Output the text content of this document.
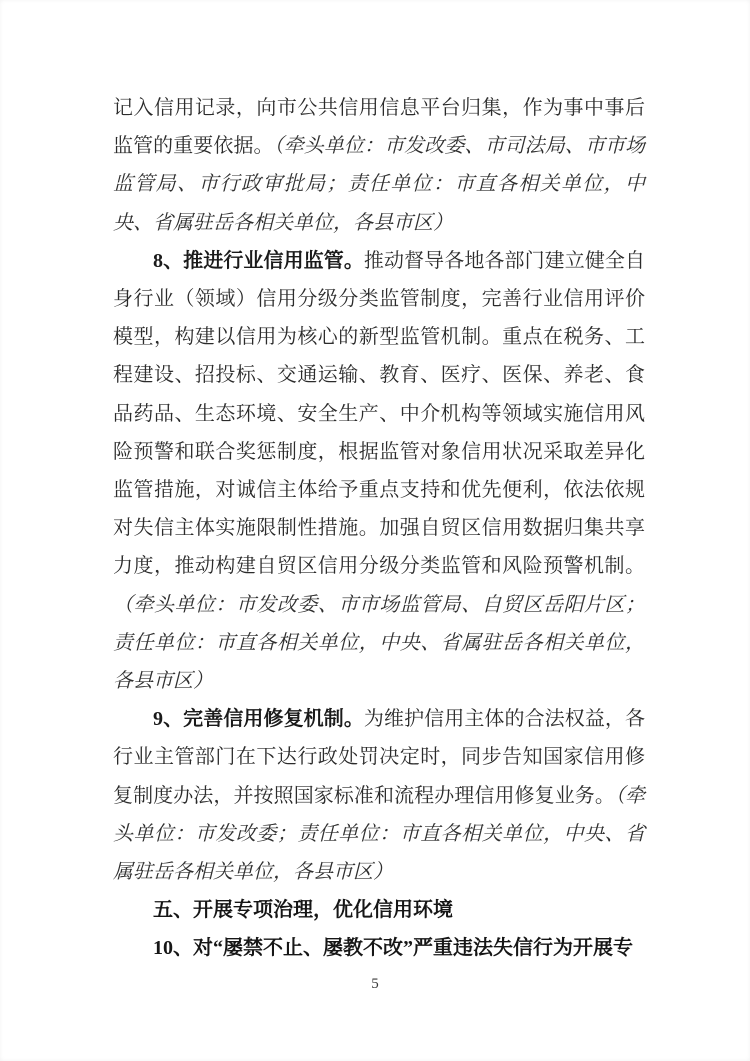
记入信用记录，向市公共信用信息平台归集，作为事中事后监管的重要依据。（牵头单位：市发改委、市司法局、市市场监管局、市行政审批局；责任单位：市直各相关单位，中央、省属驻岳各相关单位，各县市区）

8、推进行业信用监管。推动督导各地各部门建立健全自身行业（领域）信用分级分类监管制度，完善行业信用评价模型，构建以信用为核心的新型监管机制。重点在税务、工程建设、招投标、交通运输、教育、医疗、医保、养老、食品药品、生态环境、安全生产、中介机构等领域实施信用风险预警和联合奖惩制度，根据监管对象信用状况采取差异化监管措施，对诚信主体给予重点支持和优先便利，依法依规对失信主体实施限制性措施。加强自贸区信用数据归集共享力度，推动构建自贸区信用分级分类监管和风险预警机制。（牵头单位：市发改委、市市场监管局、自贸区岳阳片区；责任单位：市直各相关单位，中央、省属驻岳各相关单位，各县市区）

9、完善信用修复机制。为维护信用主体的合法权益，各行业主管部门在下达行政处罚决定时，同步告知国家信用修复制度办法，并按照国家标准和流程办理信用修复业务。（牵头单位：市发改委；责任单位：市直各相关单位，中央、省属驻岳各相关单位，各县市区）

五、开展专项治理，优化信用环境

10、对“屡禁不止、屡教不改”严重违法失信行为开展专

5
